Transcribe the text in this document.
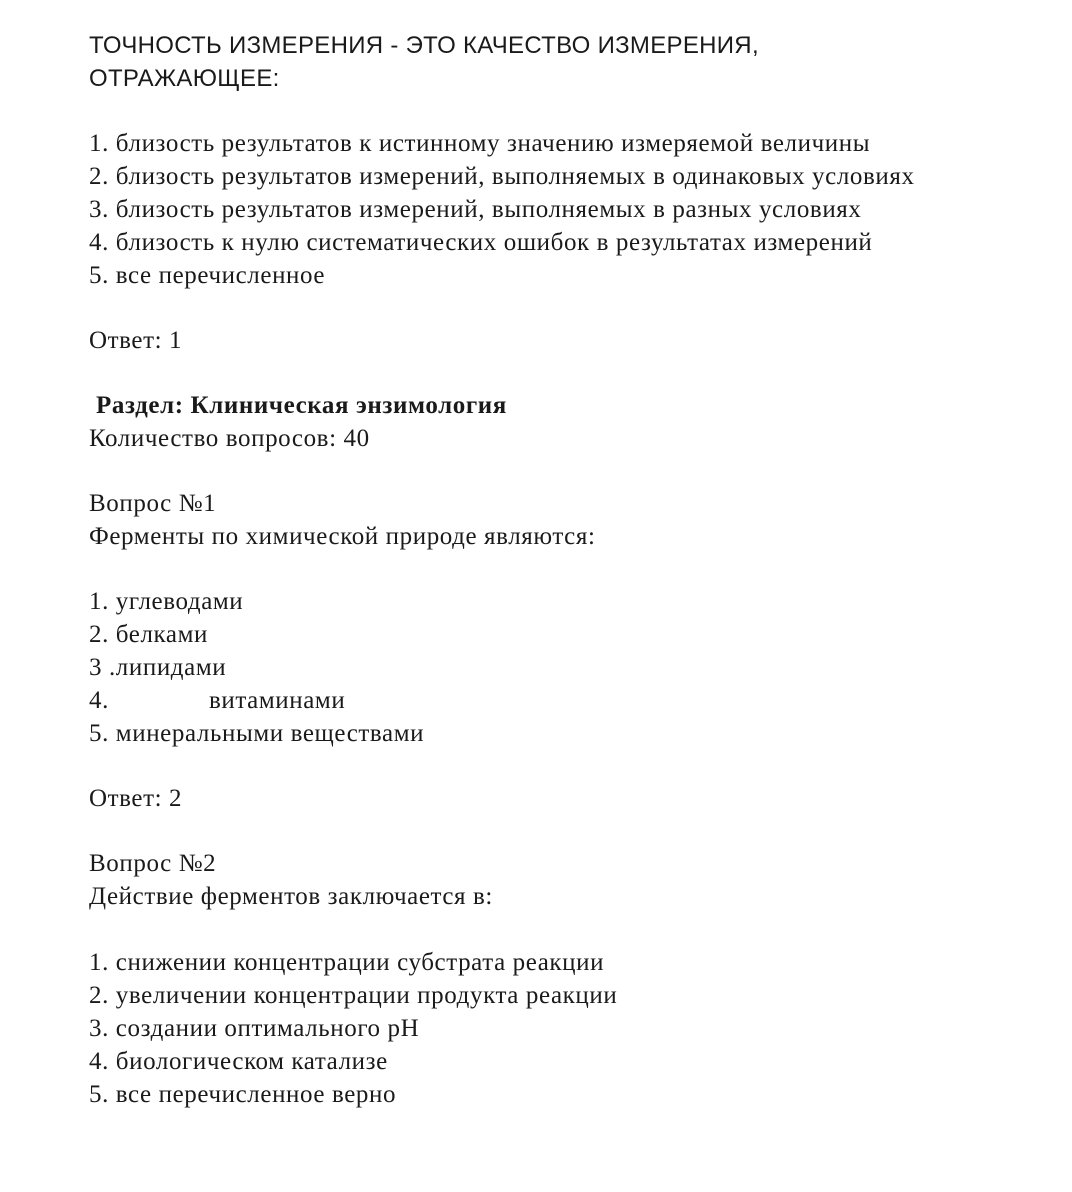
ТОЧНОСТЬ ИЗМЕРЕНИЯ - ЭТО КАЧЕСТВО ИЗМЕРЕНИЯ,
ОТРАЖАЮЩЕЕ:
1. близость результатов к истинному значению измеряемой величины
2. близость результатов измерений, выполняемых в одинаковых условиях
3. близость результатов измерений, выполняемых в разных условиях
4. близость к нулю систематических ошибок в результатах измерений
5. все перечисленное
Ответ: 1
Раздел: Клиническая энзимология
Количество вопросов: 40
Вопрос №1
Ферменты по химической природе являются:
1. углеводами
2. белками
3 .липидами
4.	витаминами
5. минеральными веществами
Ответ: 2
Вопрос №2
Действие ферментов заключается в:
1. снижении концентрации субстрата реакции
2. увеличении концентрации продукта реакции
3. создании оптимального рН
4. биологическом катализе
5. все перечисленное верно
